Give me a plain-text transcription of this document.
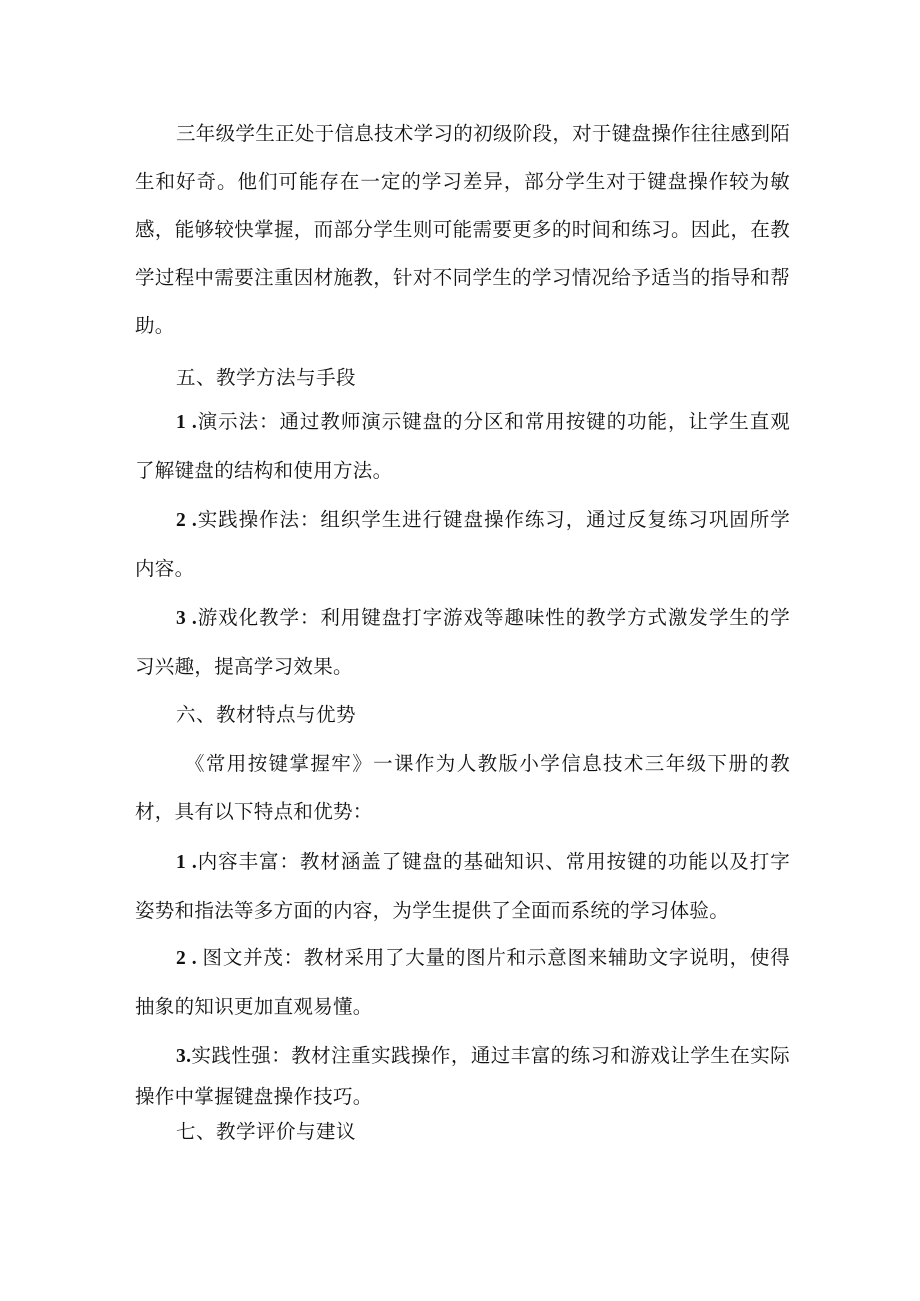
三年级学生正处于信息技术学习的初级阶段，对于键盘操作往往感到陌生和好奇。他们可能存在一定的学习差异，部分学生对于键盘操作较为敏感，能够较快掌握，而部分学生则可能需要更多的时间和练习。因此，在教学过程中需要注重因材施教，针对不同学生的学习情况给予适当的指导和帮助。

五、教学方法与手段

1 .演示法：通过教师演示键盘的分区和常用按键的功能，让学生直观了解键盘的结构和使用方法。

2 .实践操作法：组织学生进行键盘操作练习，通过反复练习巩固所学内容。

3 .游戏化教学：利用键盘打字游戏等趣味性的教学方式激发学生的学习兴趣，提高学习效果。

六、教材特点与优势

《常用按键掌握牢》一课作为人教版小学信息技术三年级下册的教材，具有以下特点和优势：

1 .内容丰富：教材涵盖了键盘的基础知识、常用按键的功能以及打字姿势和指法等多方面的内容，为学生提供了全面而系统的学习体验。

2 . 图文并茂：教材采用了大量的图片和示意图来辅助文字说明，使得抽象的知识更加直观易懂。

3.实践性强：教材注重实践操作，通过丰富的练习和游戏让学生在实际操作中掌握键盘操作技巧。

七、教学评价与建议
